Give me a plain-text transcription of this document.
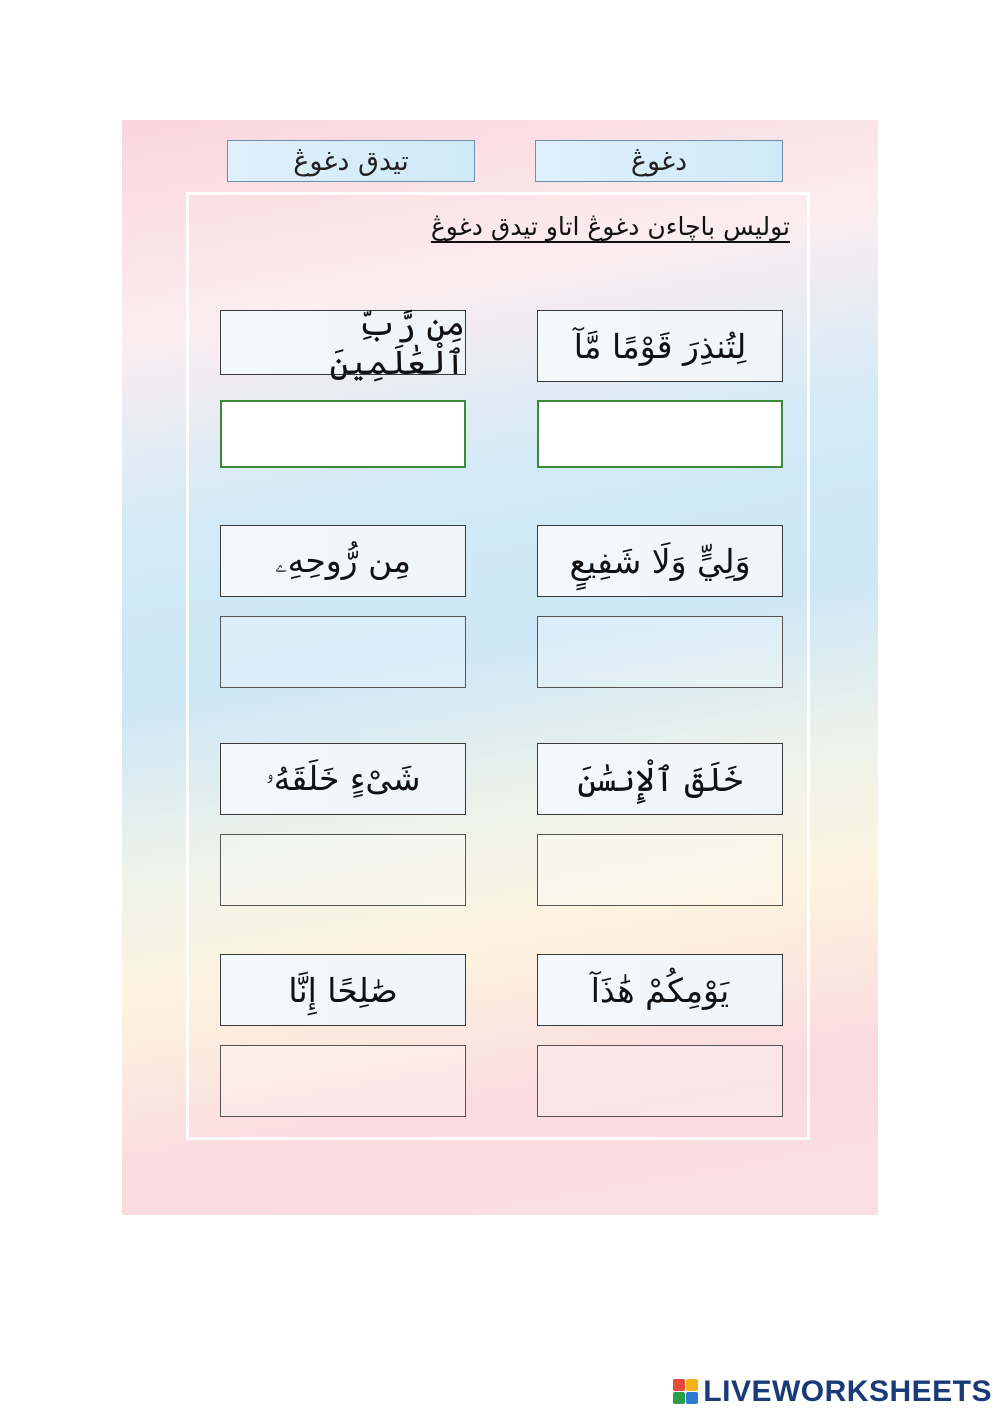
دغوڠ
تيدق دغوڠ
توليس باچاءن دغوڠ اتاو تيدق دغوڠ
لِتُنذِرَ قَوْمًا مَّآ
مِن رَّبِّ ٱلْعَٰلَمِينَ
وَلِيٍّ وَلَا شَفِيعٍ
مِن رُّوحِهِۦ
خَلَقَ ٱلْإِنسَٰنَ
شَىْءٍ خَلَقَهُۥ
يَوْمِكُمْ هَٰذَآ
صَٰلِحًا إِنَّا
LIVEWORKSHEETS
